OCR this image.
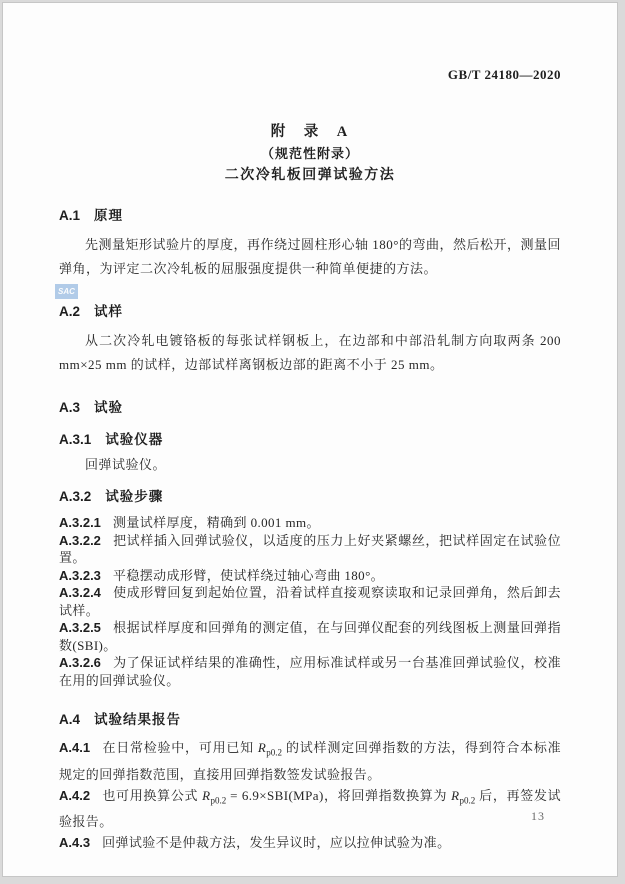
SAC
GB/T 24180—2020
附　录　A
（规范性附录）
二次冷轧板回弹试验方法
A.1 原理

先测量矩形试验片的厚度，再作绕过圆柱形心轴 180°的弯曲，然后松开，测量回弹角，为评定二次冷轧板的屈服强度提供一种简单便捷的方法。

A.2 试样

从二次冷轧电镀铬板的每张试样钢板上，在边部和中部沿轧制方向取两条 200 mm×25 mm 的试样，边部试样离钢板边部的距离不小于 25 mm。

A.3 试验
A.3.1 试验仪器

回弹试验仪。

A.3.2 试验步骤

A.3.2.1 测量试样厚度，精确到 0.001 mm。

A.3.2.2 把试样插入回弹试验仪，以适度的压力上好夹紧螺丝，把试样固定在试验位置。

A.3.2.3 平稳摆动成形臂，使试样绕过轴心弯曲 180°。

A.3.2.4 使成形臂回复到起始位置，沿着试样直接观察读取和记录回弹角，然后卸去试样。

A.3.2.5 根据试样厚度和回弹角的测定值，在与回弹仪配套的列线图板上测量回弹指数(SBI)。

A.3.2.6 为了保证试样结果的准确性，应用标准试样或另一台基准回弹试验仪，校准在用的回弹试验仪。

A.4 试验结果报告

A.4.1 在日常检验中，可用已知 $R_{p0.2}$ 的试样测定回弹指数的方法，得到符合本标准规定的回弹指数范围，直接用回弹指数签发试验报告。

A.4.2 也可用换算公式 $R_{p0.2} = 6.9\times SBI(MPa)$，将回弹指数换算为 $R_{p0.2}$ 后，再签发试验报告。

A.4.3 回弹试验不是仲裁方法，发生异议时，应以拉伸试验为准。

13
